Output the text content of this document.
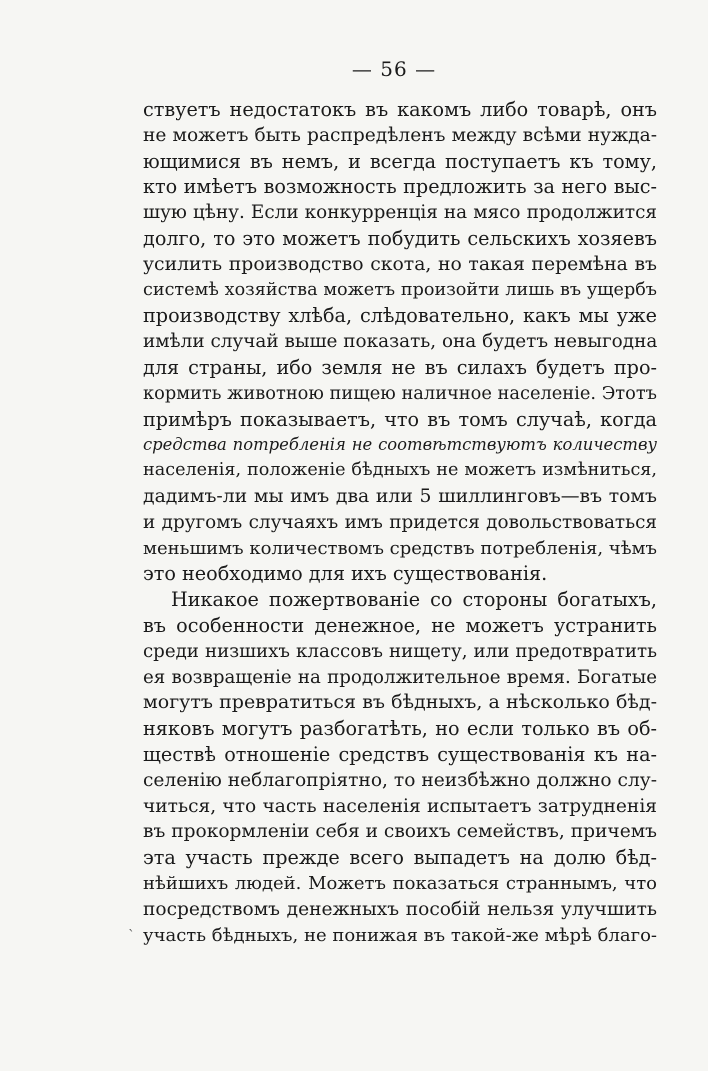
— 56 —
ствуетъ недостатокъ въ какомъ либо товарѣ, онъ
не можетъ быть распредѣленъ между всѣми нужда-
ющимися въ немъ, и всегда поступаетъ къ тому,
кто имѣетъ возможность предложить за него выс-
шую цѣну. Если конкурренція на мясо продолжится
долго, то это можетъ побудить сельскихъ хозяевъ
усилить производство скота, но такая перемѣна въ
системѣ хозяйства можетъ произойти лишь въ ущербъ
производству хлѣба, слѣдовательно, какъ мы уже
имѣли случай выше показать, она будетъ невыгодна
для страны, ибо земля не въ силахъ будетъ про-
кормить животною пищею наличное населеніе. Этотъ
примѣръ показываетъ, что въ томъ случаѣ, когда
средства потребленія не соотвѣтствуютъ количеству
населенія, положеніе бѣдныхъ не можетъ измѣниться,
дадимъ-ли мы имъ два или 5 шиллинговъ—въ томъ
и другомъ случаяхъ имъ придется довольствоваться
меньшимъ количествомъ средствъ потребленія, чѣмъ
это необходимо для ихъ существованія.
Никакое пожертвованіе со стороны богатыхъ,
въ особенности денежное, не можетъ устранить
среди низшихъ классовъ нищету, или предотвратить
ея возвращеніе на продолжительное время. Богатые
могутъ превратиться въ бѣдныхъ, а нѣсколько бѣд-
няковъ могутъ разбогатѣть, но если только въ об-
ществѣ отношеніе средствъ существованія къ на-
селенію неблагопріятно, то неизбѣжно должно слу-
читься, что часть населенія испытаетъ затрудненія
въ прокормленіи себя и своихъ семействъ, причемъ
эта участь прежде всего выпадетъ на долю бѣд-
нѣйшихъ людей. Можетъ показаться страннымъ, что
посредствомъ денежныхъ пособій нельзя улучшить
участь бѣдныхъ, не понижая въ такой-же мѣрѣ благо-
`
